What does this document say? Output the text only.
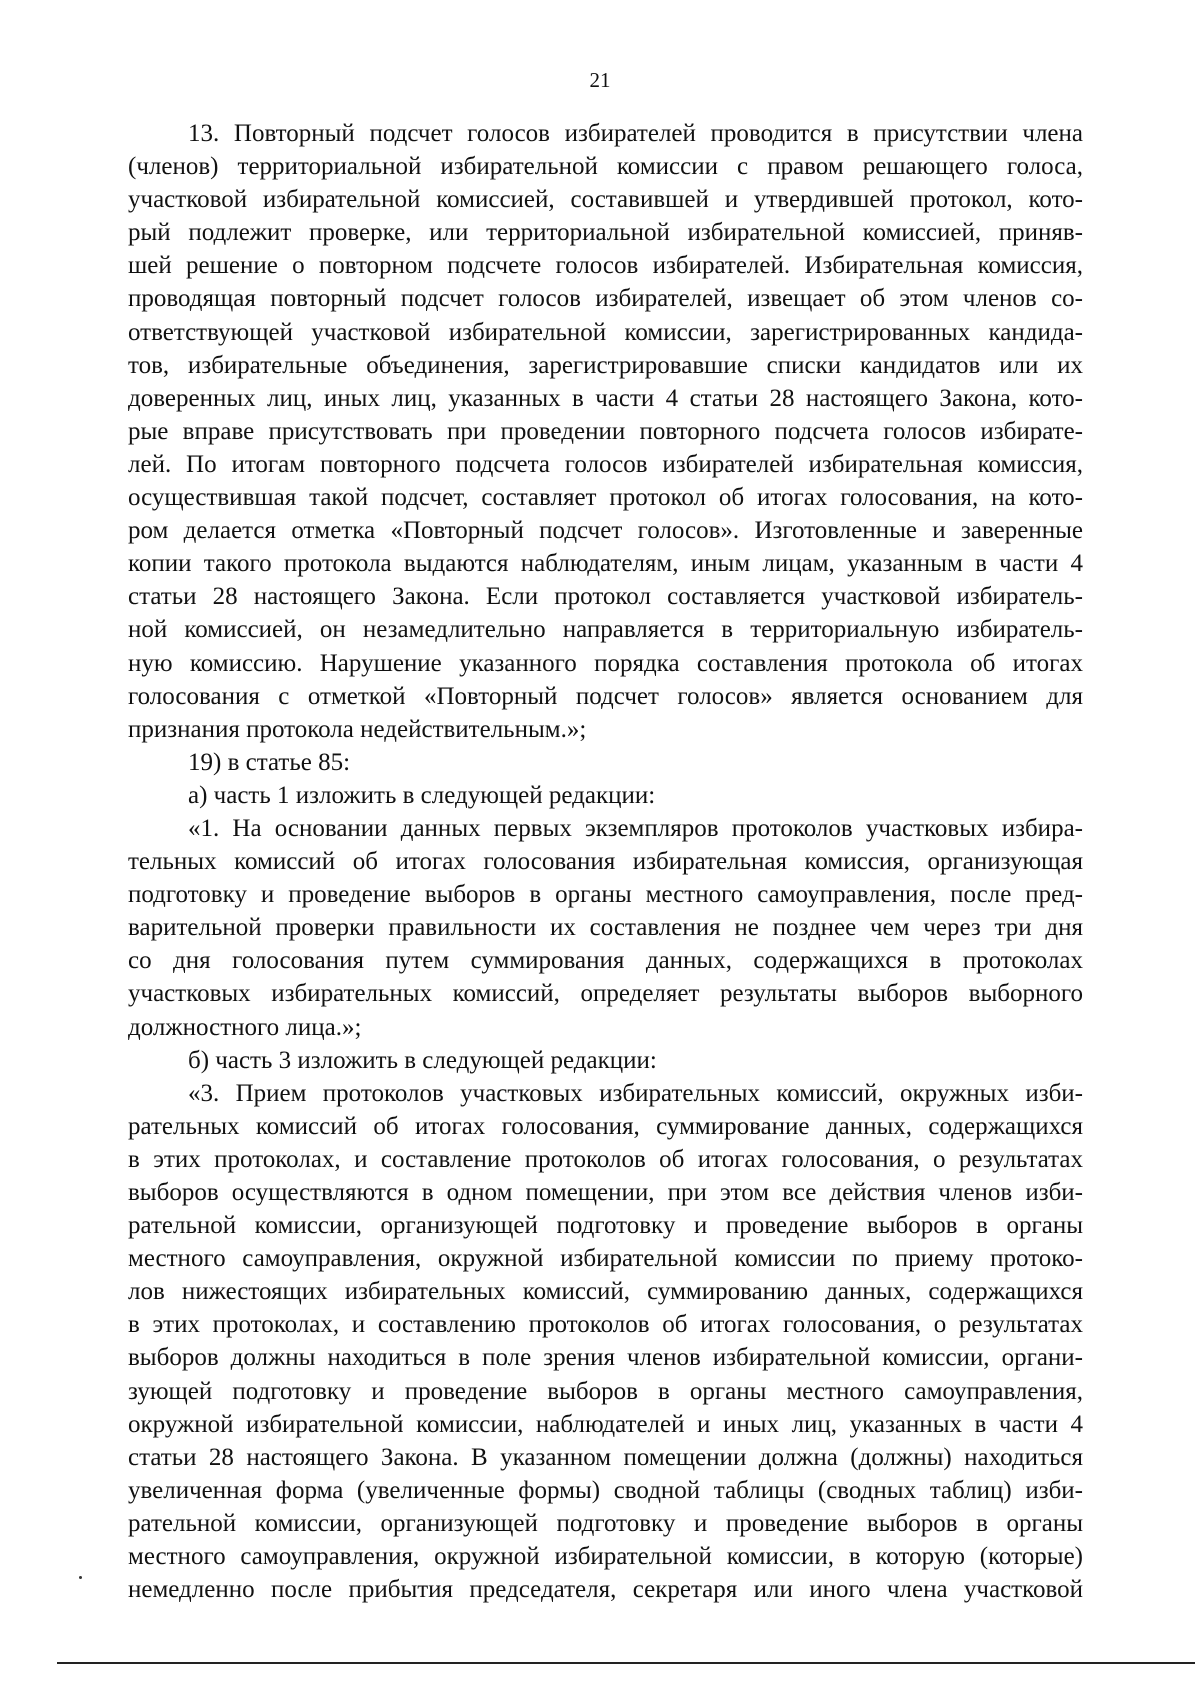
21
13. Повторный подсчет голосов избирателей проводится в присутствии члена
(членов) территориальной избирательной комиссии с правом решающего голоса,
участковой избирательной комиссией, составившей и утвердившей протокол, кото-
рый подлежит проверке, или территориальной избирательной комиссией, приняв-
шей решение о повторном подсчете голосов избирателей. Избирательная комиссия,
проводящая повторный подсчет голосов избирателей, извещает об этом членов со-
ответствующей участковой избирательной комиссии, зарегистрированных кандида-
тов, избирательные объединения, зарегистрировавшие списки кандидатов или их
доверенных лиц, иных лиц, указанных в части 4 статьи 28 настоящего Закона, кото-
рые вправе присутствовать при проведении повторного подсчета голосов избирате-
лей. По итогам повторного подсчета голосов избирателей избирательная комиссия,
осуществившая такой подсчет, составляет протокол об итогах голосования, на кото-
ром делается отметка «Повторный подсчет голосов». Изготовленные и заверенные
копии такого протокола выдаются наблюдателям, иным лицам, указанным в части 4
статьи 28 настоящего Закона. Если протокол составляется участковой избиратель-
ной комиссией, он незамедлительно направляется в территориальную избиратель-
ную комиссию. Нарушение указанного порядка составления протокола об итогах
голосования с отметкой «Повторный подсчет голосов» является основанием для
признания протокола недействительным.»;
19) в статье 85:
а) часть 1 изложить в следующей редакции:
«1. На основании данных первых экземпляров протоколов участковых избира-
тельных комиссий об итогах голосования избирательная комиссия, организующая
подготовку и проведение выборов в органы местного самоуправления, после пред-
варительной проверки правильности их составления не позднее чем через три дня
со дня голосования путем суммирования данных, содержащихся в протоколах
участковых избирательных комиссий, определяет результаты выборов выборного
должностного лица.»;
б) часть 3 изложить в следующей редакции:
«3. Прием протоколов участковых избирательных комиссий, окружных изби-
рательных комиссий об итогах голосования, суммирование данных, содержащихся
в этих протоколах, и составление протоколов об итогах голосования, о результатах
выборов осуществляются в одном помещении, при этом все действия членов изби-
рательной комиссии, организующей подготовку и проведение выборов в органы
местного самоуправления, окружной избирательной комиссии по приему протоко-
лов нижестоящих избирательных комиссий, суммированию данных, содержащихся
в этих протоколах, и составлению протоколов об итогах голосования, о результатах
выборов должны находиться в поле зрения членов избирательной комиссии, органи-
зующей подготовку и проведение выборов в органы местного самоуправления,
окружной избирательной комиссии, наблюдателей и иных лиц, указанных в части 4
статьи 28 настоящего Закона. В указанном помещении должна (должны) находиться
увеличенная форма (увеличенные формы) сводной таблицы (сводных таблиц) изби-
рательной комиссии, организующей подготовку и проведение выборов в органы
местного самоуправления, окружной избирательной комиссии, в которую (которые)
немедленно после прибытия председателя, секретаря или иного члена участковой
